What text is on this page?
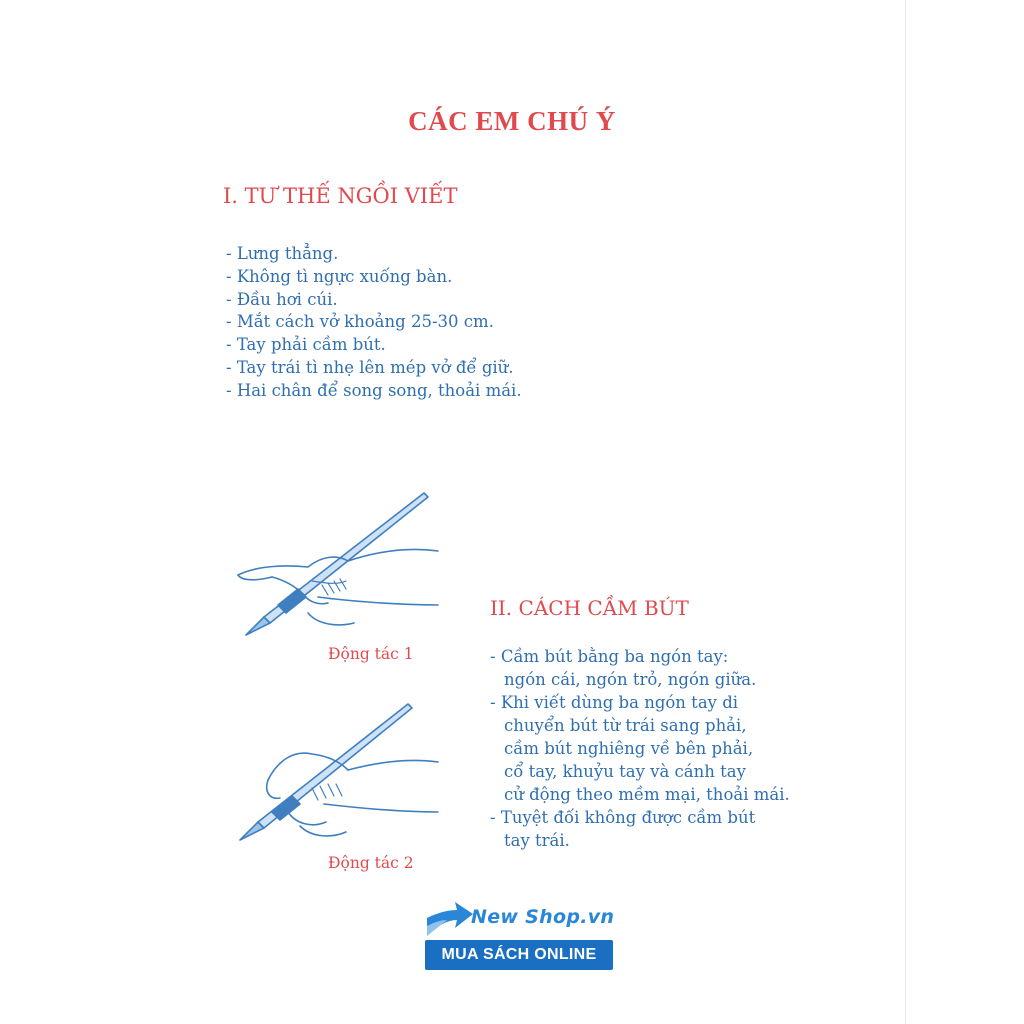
CÁC EM CHÚ Ý
I. TƯ THẾ NGỒI VIẾT
- Lưng thẳng.
- Không tì ngực xuống bàn.
- Đầu hơi cúi.
- Mắt cách vở khoảng 25-30 cm.
- Tay phải cầm bút.
- Tay trái tì nhẹ lên mép vở để giữ.
- Hai chân để song song, thoải mái.
Động tác 1
Động tác 2
II. CÁCH CẦM BÚT
- Cầm bút bằng ba ngón tay:
ngón cái, ngón trỏ, ngón giữa.
- Khi viết dùng ba ngón tay di
chuyển bút từ trái sang phải,
cầm bút nghiêng về bên phải,
cổ tay, khuỷu tay và cánh tay
cử động theo mềm mại, thoải mái.
- Tuyệt đối không được cầm bút
tay trái.
New Shop.vn
MUA SÁCH ONLINE
